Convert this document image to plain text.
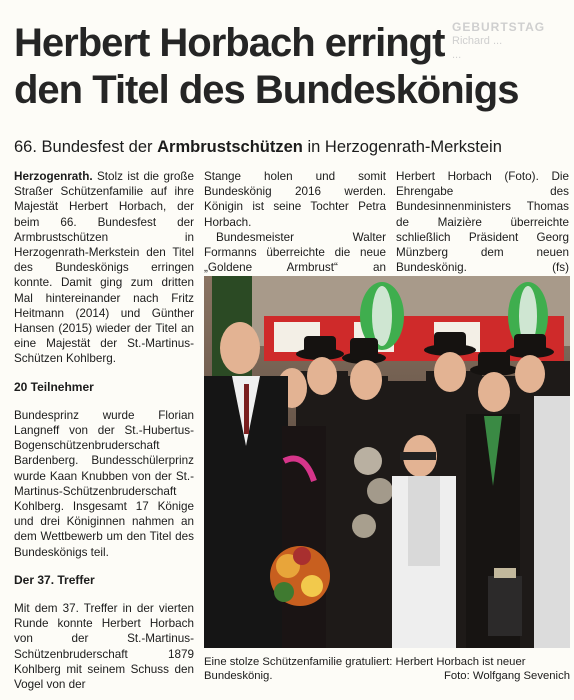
GEBURTSTAG
Richard ...
...
Herbert Horbach erringt
den Titel des Bundeskönigs
66. Bundesfest der Armbrustschützen in Herzogenrath-Merkstein

Herzogenrath. Stolz ist die große Straßer Schützenfamilie auf ihre Majestät Herbert Horbach, der beim 66. Bundesfest der Armbrustschützen in Herzogenrath-Merkstein den Titel des Bundeskönigs erringen konnte. Damit ging zum dritten Mal hintereinander nach Fritz Heitmann (2014) und Günther Hansen (2015) wieder der Titel an eine Majestät der St.-Martinus-Schützen Kohlberg.

20 Teilnehmer

Bundesprinz wurde Florian Langneff von der St.-Hubertus-Bogenschützenbruderschaft Bardenberg. Bundesschülerprinz wurde Kaan Knubben von der St.-Martinus-Schützenbruderschaft Kohlberg. Insgesamt 17 Könige und drei Königinnen nahmen an dem Wettbewerb um den Titel des Bundeskönigs teil.

Der 37. Treffer

Mit dem 37. Treffer in der vierten Runde konnte Herbert Horbach von der St.-Martinus-Schützenbruderschaft 1879 Kohlberg mit seinem Schuss den Vogel von der

Stange holen und somit Bundeskönig 2016 werden. Königin ist seine Tochter Petra Horbach.

Bundesmeister Walter Formanns überreichte die neue „Goldene Armbrust“ an

Herbert Horbach (Foto). Die Ehrengabe des Bundesinnenministers Thomas de Maizière überreichte schließlich Präsident Georg Münzberg dem neuen Bundeskönig.	(fs)

Eine stolze Schützenfamilie gratuliert: Herbert Horbach ist neuer Bundeskönig.	Foto: Wolfgang Sevenich
